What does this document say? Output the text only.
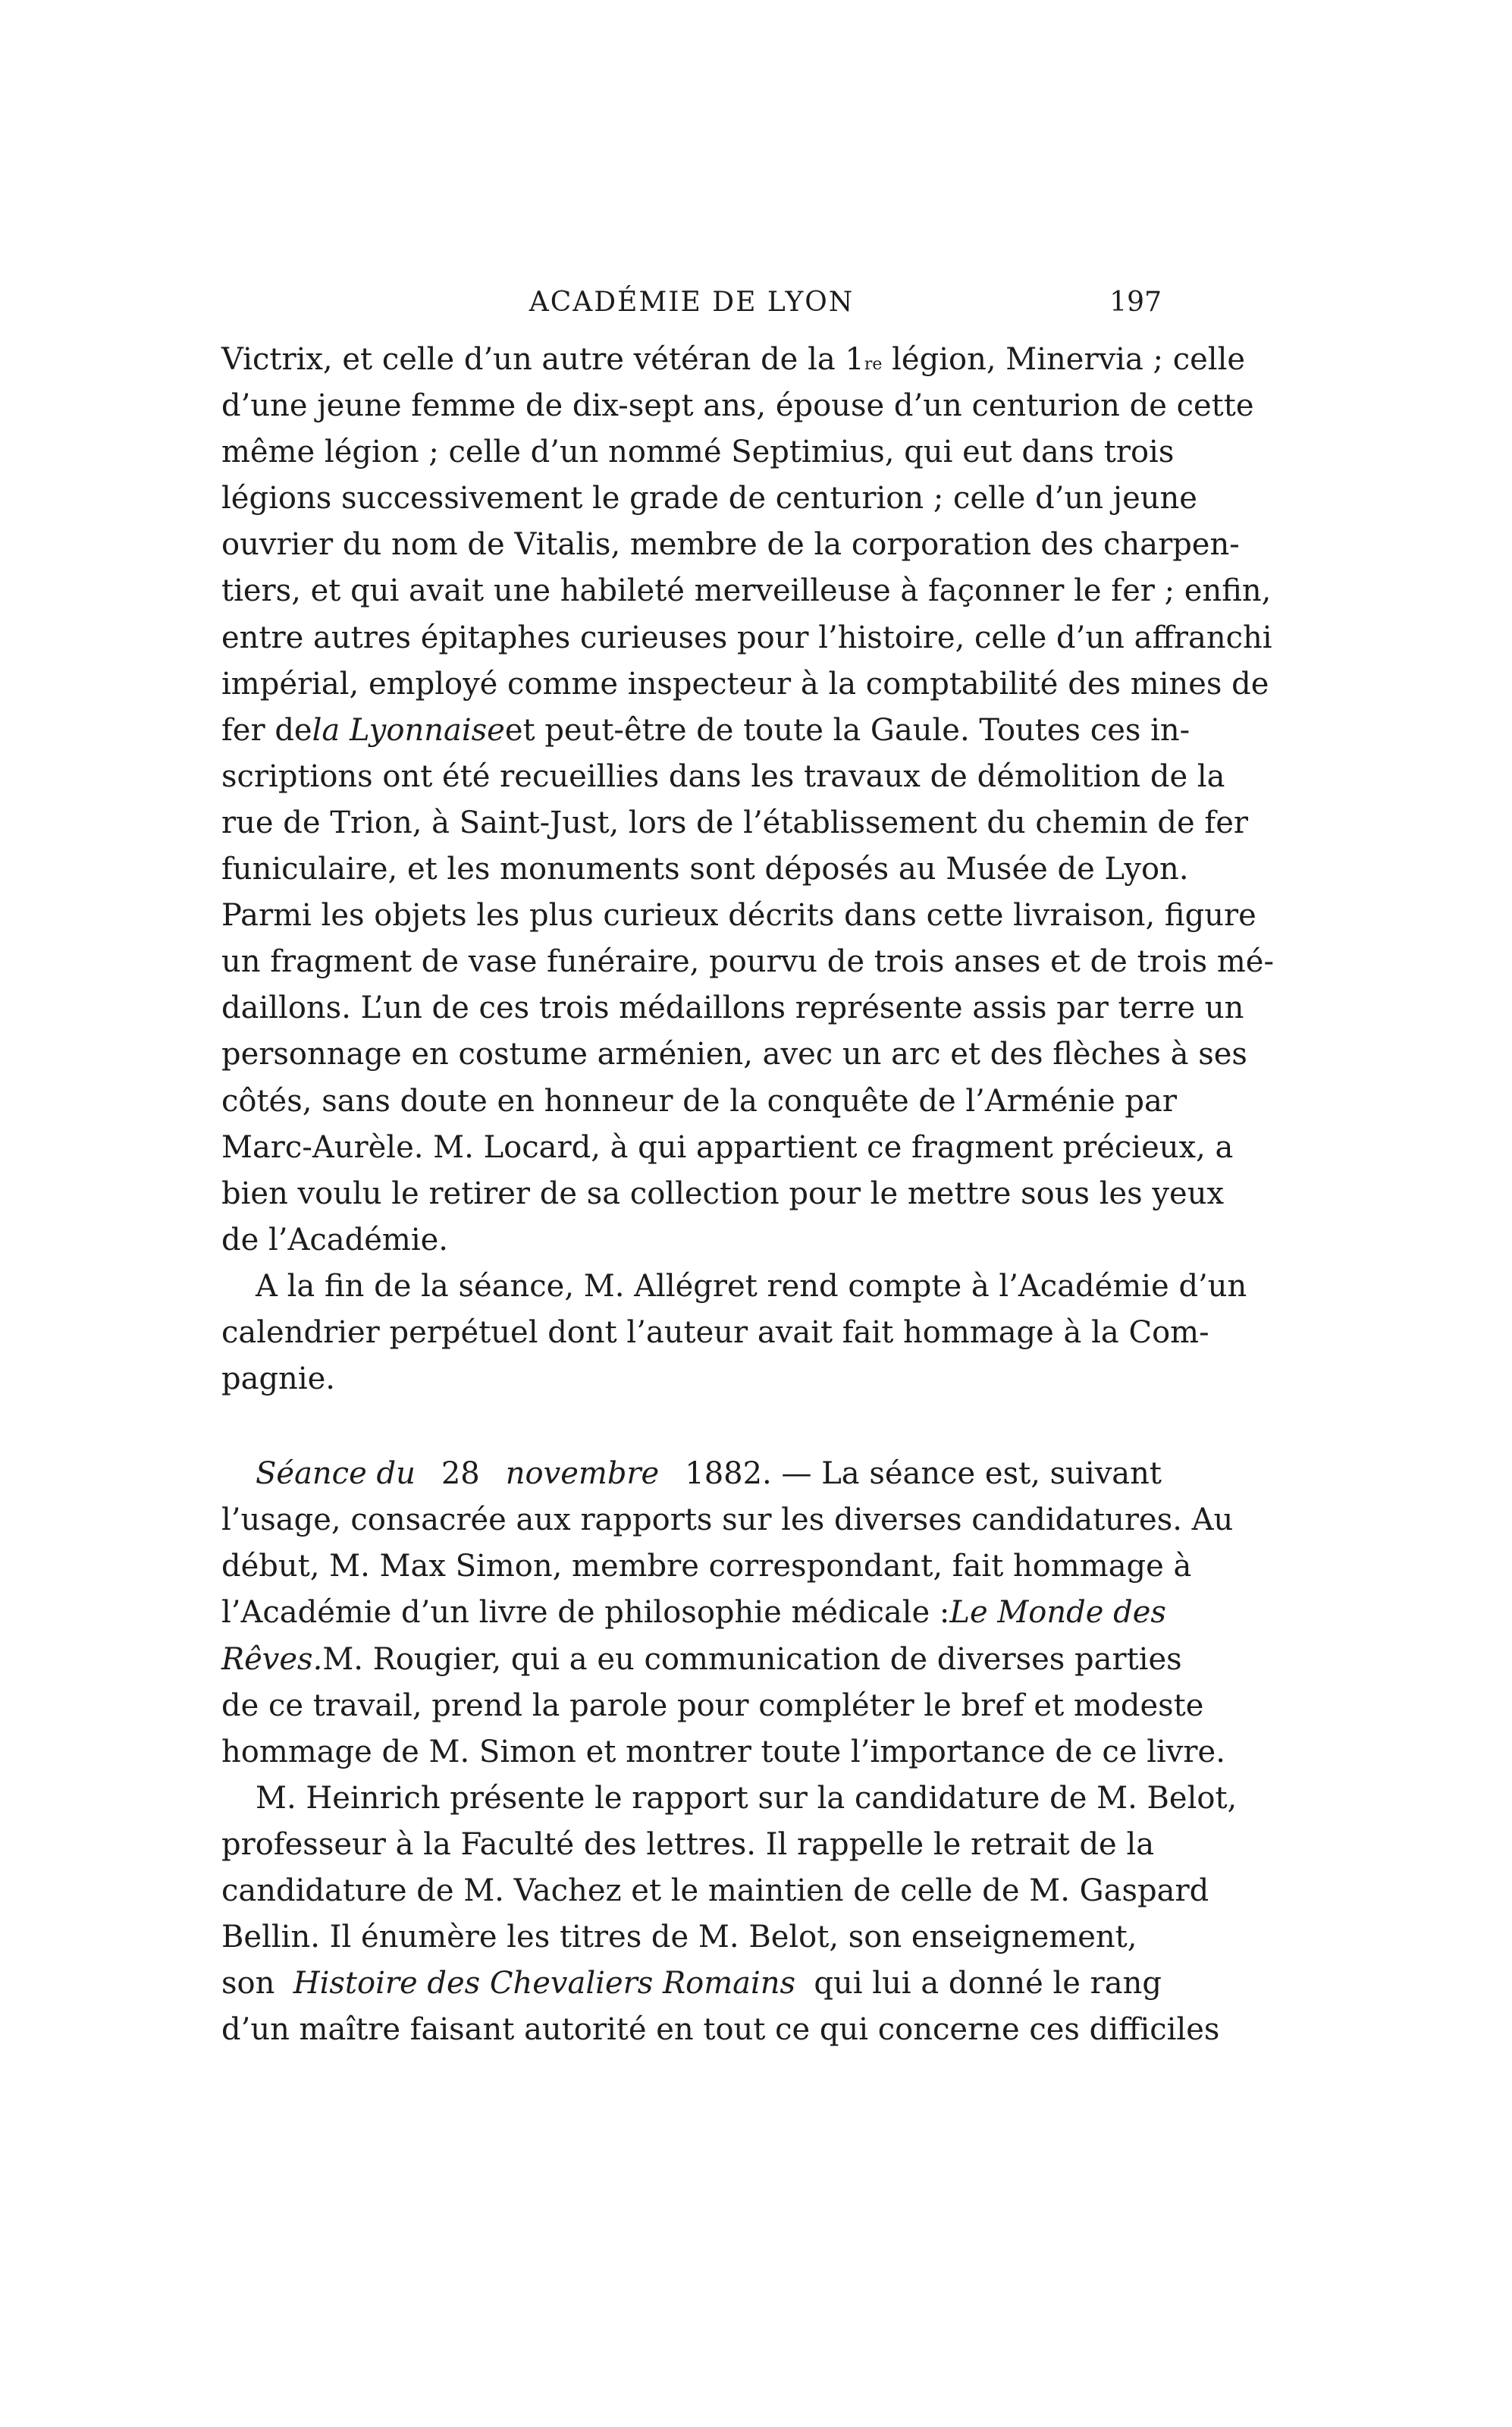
ACADÉMIE DE LYON	197
Victrix, et celle d’un autre vétéran de la 1 re
légion, Minervia ; celle
d’une jeune femme de dix-sept ans, épouse d’un centurion de cette
même légion ; celle d’un nommé Septimius, qui eut dans trois
légions successivement le grade de centurion ; celle d’un jeune
ouvrier du nom de Vitalis, membre de la corporation des charpen-
tiers, et qui avait une habileté merveilleuse à façonner le fer ; enfin,
entre autres épitaphes curieuses pour l’histoire, celle d’un affranchi
impérial, employé comme inspecteur à la comptabilité des mines de
fer de la Lyonnaise et peut-être de toute la Gaule. Toutes ces in-
scriptions ont été recueillies dans les travaux de démolition de la
rue de Trion, à Saint-Just, lors de l’établissement du chemin de fer
funiculaire, et les monuments sont déposés au Musée de Lyon.
Parmi les objets les plus curieux décrits dans cette livraison, figure
un fragment de vase funéraire, pourvu de trois anses et de trois mé-
daillons. L’un de ces trois médaillons représente assis par terre un
personnage en costume arménien, avec un arc et des flèches à ses
côtés, sans doute en honneur de la conquête de l’Arménie par
Marc-Aurèle. M. Locard, à qui appartient ce fragment précieux, a
bien voulu le retirer de sa collection pour le mettre sous les yeux
de l’Académie.
A la fin de la séance, M. Allégret rend compte à l’Académie d’un
calendrier perpétuel dont l’auteur avait fait hommage à la Com-
pagnie.
Séance du 28 novembre 1882. — La séance est, suivant
l’usage, consacrée aux rapports sur les diverses candidatures. Au
début, M. Max Simon, membre correspondant, fait hommage à
l’Académie d’un livre de philosophie médicale : Le Monde des
Rêves. M. Rougier, qui a eu communication de diverses parties
de ce travail, prend la parole pour compléter le bref et modeste
hommage de M. Simon et montrer toute l’importance de ce livre.
M. Heinrich présente le rapport sur la candidature de M. Belot,
professeur à la Faculté des lettres. Il rappelle le retrait de la
candidature de M. Vachez et le maintien de celle de M. Gaspard
Bellin. Il énumère les titres de M. Belot, son enseignement,
son Histoire des Chevaliers Romains qui lui a donné le rang
d’un maître faisant autorité en tout ce qui concerne ces difficiles
